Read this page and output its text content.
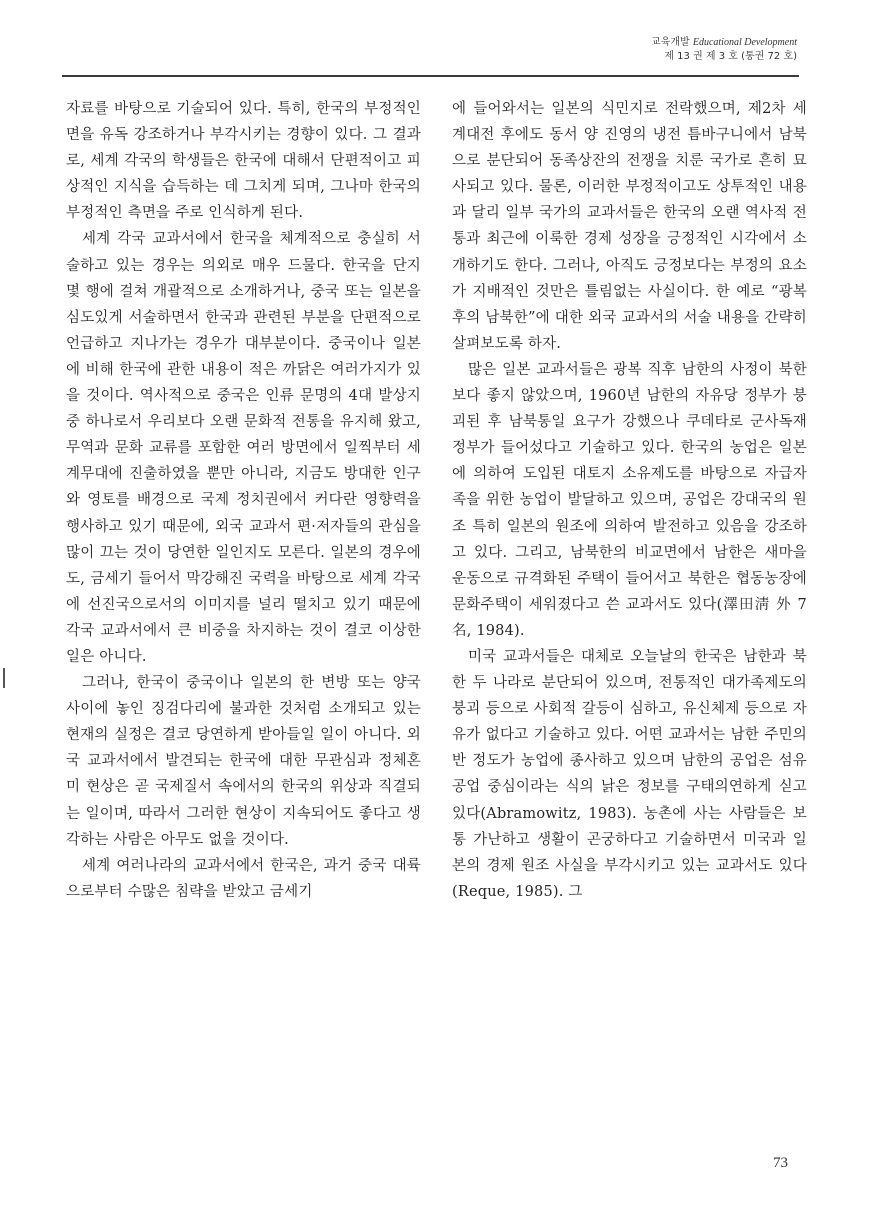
교육개발 Educational Development
제 13 권 제 3 호 (통권 72 호)

자료를 바탕으로 기술되어 있다. 특히, 한국의 부정적인 면을 유독 강조하거나 부각시키는 경향이 있다. 그 결과로, 세계 각국의 학생들은 한국에 대해서 단편적이고 피상적인 지식을 습득하는 데 그치게 되며, 그나마 한국의 부정적인 측면을 주로 인식하게 된다.

세계 각국 교과서에서 한국을 체계적으로 충실히 서술하고 있는 경우는 의외로 매우 드물다. 한국을 단지 몇 행에 걸쳐 개괄적으로 소개하거나, 중국 또는 일본을 심도있게 서술하면서 한국과 관련된 부분을 단편적으로 언급하고 지나가는 경우가 대부분이다. 중국이나 일본에 비해 한국에 관한 내용이 적은 까닭은 여러가지가 있을 것이다. 역사적으로 중국은 인류 문명의 4대 발상지 중 하나로서 우리보다 오랜 문화적 전통을 유지해 왔고, 무역과 문화 교류를 포함한 여러 방면에서 일찍부터 세계무대에 진출하였을 뿐만 아니라, 지금도 방대한 인구와 영토를 배경으로 국제 정치권에서 커다란 영향력을 행사하고 있기 때문에, 외국 교과서 편·저자들의 관심을 많이 끄는 것이 당연한 일인지도 모른다. 일본의 경우에도, 금세기 들어서 막강해진 국력을 바탕으로 세계 각국에 선진국으로서의 이미지를 널리 떨치고 있기 때문에 각국 교과서에서 큰 비중을 차지하는 것이 결코 이상한 일은 아니다.

그러나, 한국이 중국이나 일본의 한 변방 또는 양국 사이에 놓인 징검다리에 불과한 것처럼 소개되고 있는 현재의 실정은 결코 당연하게 받아들일 일이 아니다. 외국 교과서에서 발견되는 한국에 대한 무관심과 정체혼미 현상은 곧 국제질서 속에서의 한국의 위상과 직결되는 일이며, 따라서 그러한 현상이 지속되어도 좋다고 생각하는 사람은 아무도 없을 것이다.

세계 여러나라의 교과서에서 한국은, 과거 중국 대륙으로부터 수많은 침략을 받았고 금세기

에 들어와서는 일본의 식민지로 전락했으며, 제2차 세계대전 후에도 동서 양 진영의 냉전 틈바구니에서 남북으로 분단되어 동족상잔의 전쟁을 치룬 국가로 흔히 묘사되고 있다. 물론, 이러한 부정적이고도 상투적인 내용과 달리 일부 국가의 교과서들은 한국의 오랜 역사적 전통과 최근에 이룩한 경제 성장을 긍정적인 시각에서 소개하기도 한다. 그러나, 아직도 긍정보다는 부정의 요소가 지배적인 것만은 틀림없는 사실이다. 한 예로 “광복후의 남북한”에 대한 외국 교과서의 서술 내용을 간략히 살펴보도록 하자.

많은 일본 교과서들은 광복 직후 남한의 사정이 북한보다 좋지 않았으며, 1960년 남한의 자유당 정부가 붕괴된 후 남북통일 요구가 강했으나 쿠데타로 군사독재 정부가 들어섰다고 기술하고 있다. 한국의 농업은 일본에 의하여 도입된 대토지 소유제도를 바탕으로 자급자족을 위한 농업이 발달하고 있으며, 공업은 강대국의 원조 특히 일본의 원조에 의하여 발전하고 있음을 강조하고 있다. 그리고, 남북한의 비교면에서 남한은 새마을 운동으로 규격화된 주택이 들어서고 북한은 협동농장에 문화주택이 세워졌다고 쓴 교과서도 있다(澤田淸 外 7名, 1984).

미국 교과서들은 대체로 오늘날의 한국은 남한과 북한 두 나라로 분단되어 있으며, 전통적인 대가족제도의 붕괴 등으로 사회적 갈등이 심하고, 유신체제 등으로 자유가 없다고 기술하고 있다. 어떤 교과서는 남한 주민의 반 정도가 농업에 종사하고 있으며 남한의 공업은 섬유공업 중심이라는 식의 낡은 정보를 구태의연하게 싣고 있다(Abramowitz, 1983). 농촌에 사는 사람들은 보통 가난하고 생활이 곤궁하다고 기술하면서 미국과 일본의 경제 원조 사실을 부각시키고 있는 교과서도 있다(Reque, 1985). 그

73
